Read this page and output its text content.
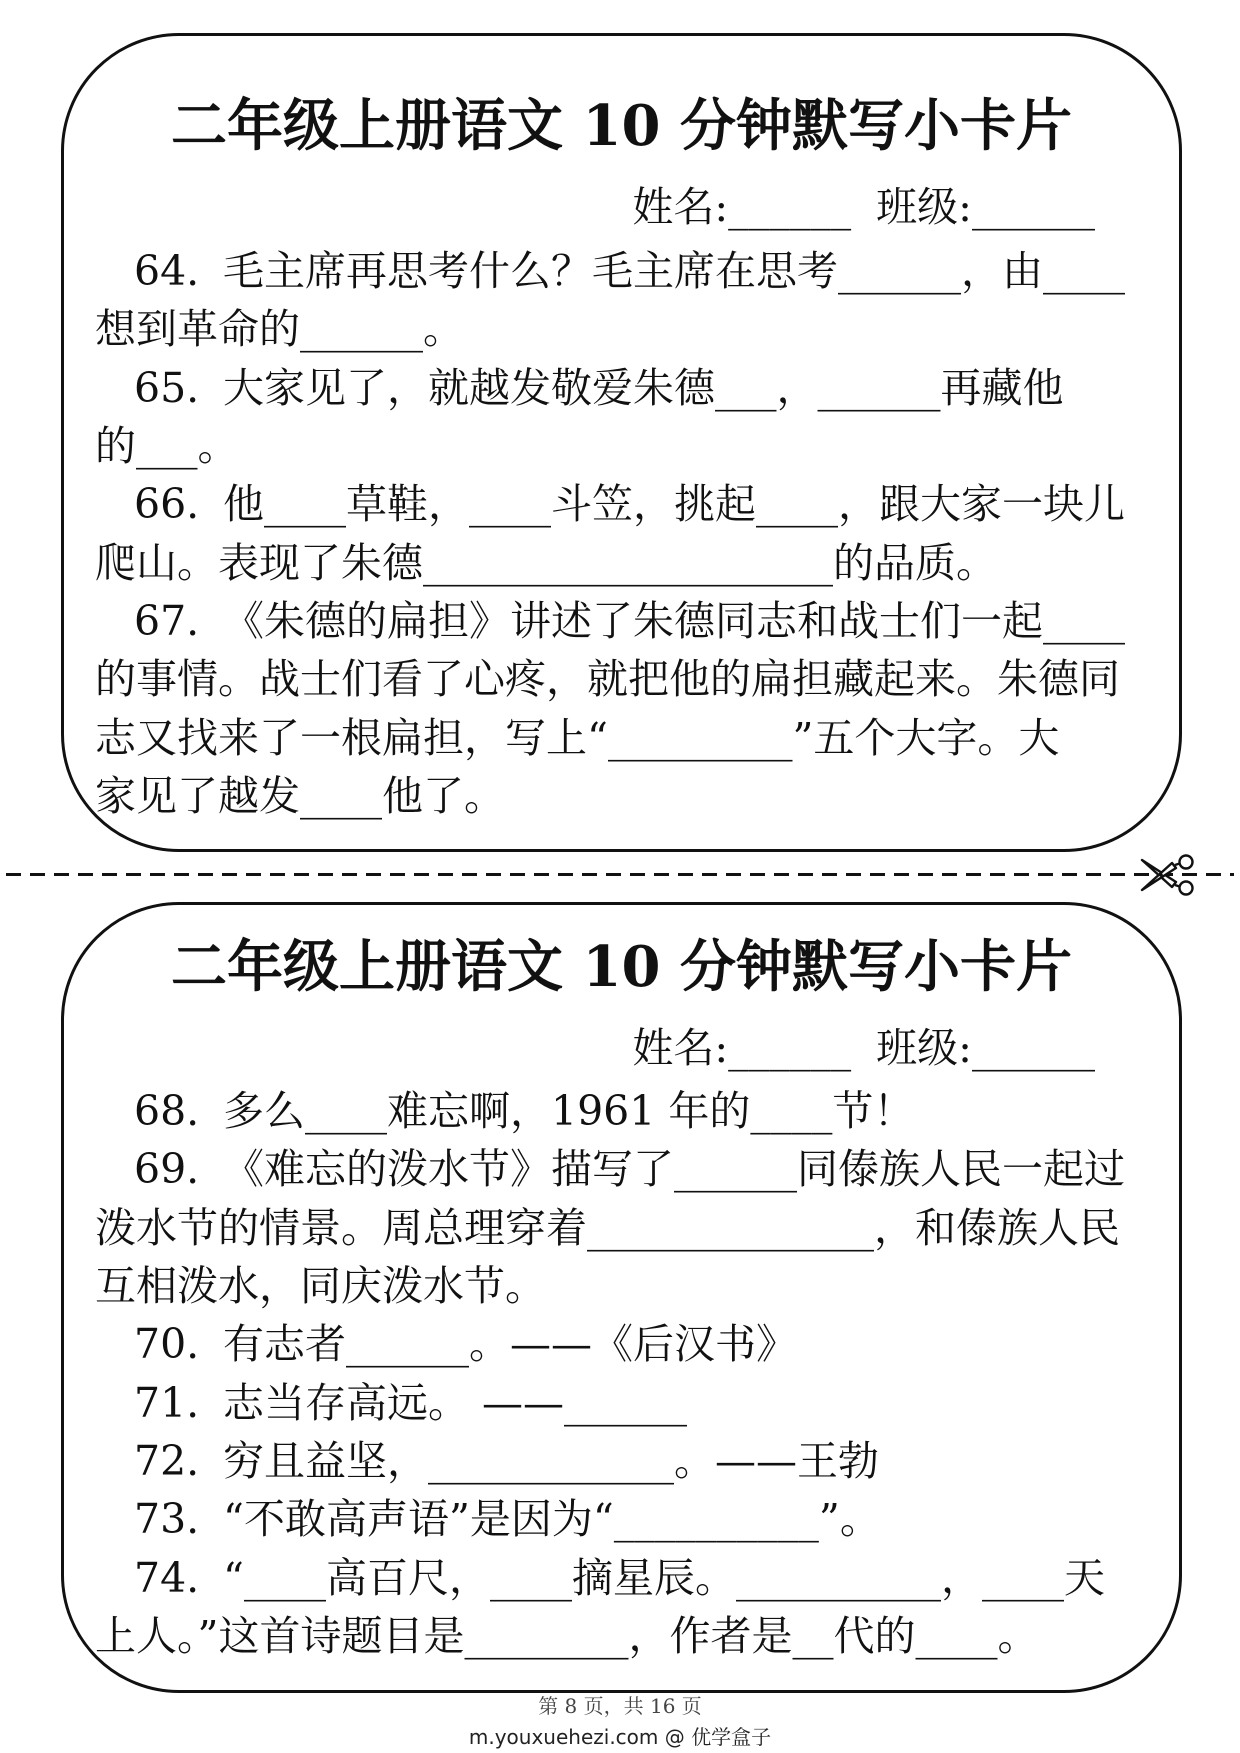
二年级上册语文 10 分钟默写小卡片
姓名:______ 班级:______
64. 毛主席再思考什么？毛主席在思考______，由____
想到革命的______。
65. 大家见了，就越发敬爱朱德___，______再藏他
的___。
66. 他____草鞋，____斗笠，挑起____，跟大家一块儿
爬山。表现了朱德____________________的品质。
67. 《朱德的扁担》讲述了朱德同志和战士们一起____
的事情。战士们看了心疼，就把他的扁担藏起来。朱德同
志又找来了一根扁担，写上“_________”五个大字。大
家见了越发____他了。
二年级上册语文 10 分钟默写小卡片
姓名:______ 班级:______
68. 多么____难忘啊，1961 年的____节！
69. 《难忘的泼水节》描写了______同傣族人民一起过
泼水节的情景。周总理穿着______________，和傣族人民
互相泼水，同庆泼水节。
70. 有志者______。——《后汉书》
71. 志当存高远。 ——______
72. 穷且益坚，____________。——王勃
73. “不敢高声语”是因为“__________”。
74. “____高百尺，____摘星辰。__________，____天
上人。”这首诗题目是________，作者是__代的____。
第 8 页，共 16 页
m.youxuehezi.com @ 优学盒子
